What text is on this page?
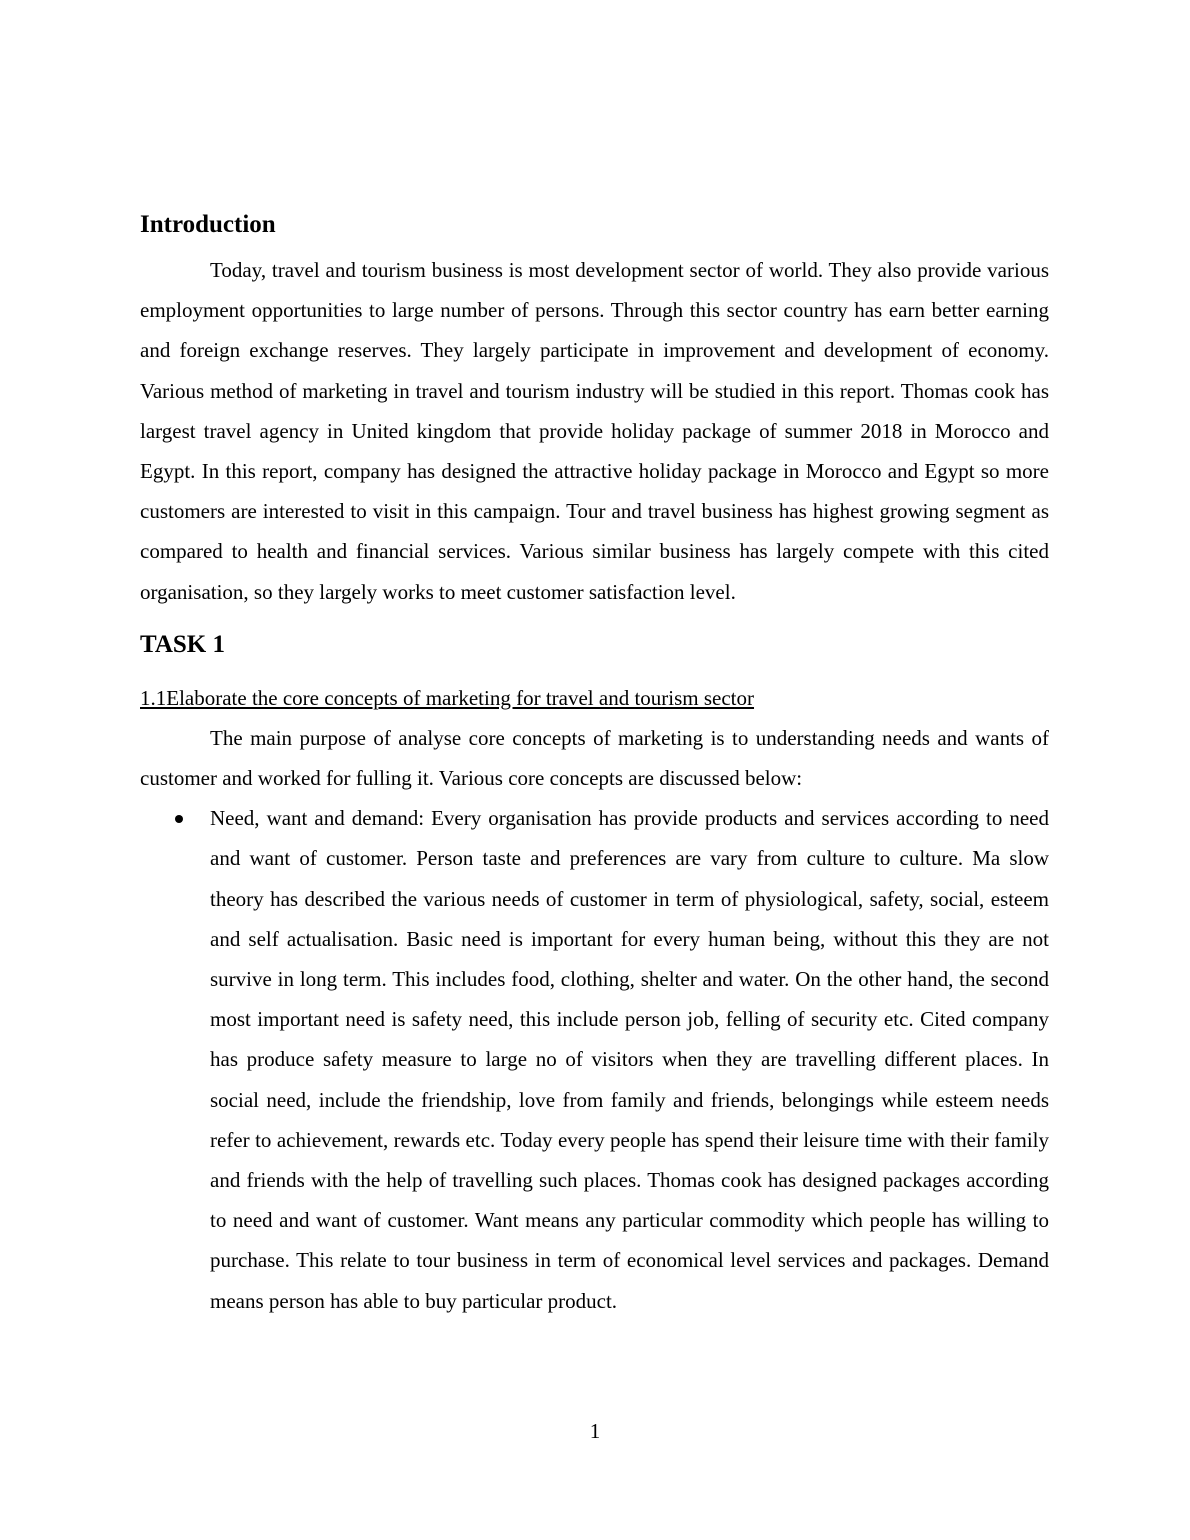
Introduction

Today, travel and tourism business is most development sector of world. They also provide various employment opportunities to large number of persons. Through this sector country has earn better earning and foreign exchange reserves. They largely participate in improvement and development of economy. Various method of marketing in travel and tourism industry will be studied in this report. Thomas cook has largest travel agency in United kingdom that provide holiday package of summer 2018 in Morocco and Egypt. In this report, company has designed the attractive holiday package in Morocco and Egypt so more customers are interested to visit in this campaign. Tour and travel business has highest growing segment as compared to health and financial services. Various similar business has largely compete with this cited organisation, so they largely works to meet customer satisfaction level.

TASK 1

1.1Elaborate the core concepts of marketing for travel and tourism sector

The main purpose of analyse core concepts of marketing is to understanding needs and wants of customer and worked for fulling it. Various core concepts are discussed below:

Need, want and demand: Every organisation has provide products and services according to need and want of customer. Person taste and preferences are vary from culture to culture. Ma slow theory has described the various needs of customer in term of physiological, safety, social, esteem and self actualisation. Basic need is important for every human being, without this they are not survive in long term. This includes food, clothing, shelter and water. On the other hand, the second most important need is safety need, this include person job, felling of security etc. Cited company has produce safety measure to large no of visitors when they are travelling different places. In social need, include the friendship, love from family and friends, belongings while esteem needs refer to achievement, rewards etc. Today every people has spend their leisure time with their family and friends with the help of travelling such places. Thomas cook has designed packages according to need and want of customer. Want means any particular commodity which people has willing to purchase. This relate to tour business in term of economical level services and packages. Demand means person has able to buy particular product.
1
